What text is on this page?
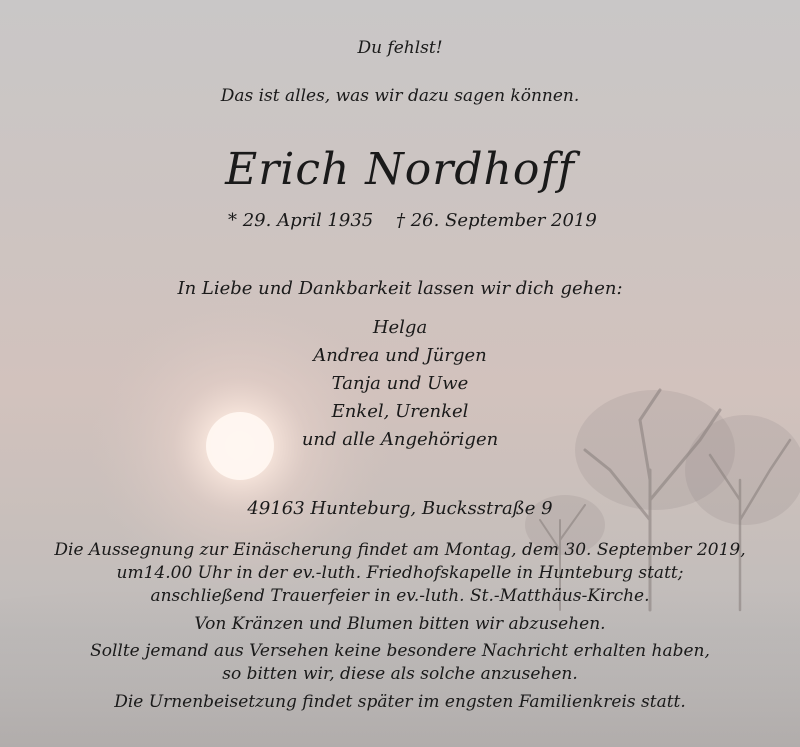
Du fehlst!
Das ist alles, was wir dazu sagen können.
Erich Nordhoff
* 29. April 1935 † 26. September 2019
In Liebe und Dankbarkeit lassen wir dich gehen:
Helga
Andrea und Jürgen
Tanja und Uwe
Enkel, Urenkel
und alle Angehörigen
49163 Hunteburg, Bucksstraße 9
Die Aussegnung zur Einäscherung findet am Montag, dem 30. September 2019,
um14.00 Uhr in der ev.-luth. Friedhofskapelle in Hunteburg statt;
anschließend Trauerfeier in ev.-luth. St.-Matthäus-Kirche.
Von Kränzen und Blumen bitten wir abzusehen.
Sollte jemand aus Versehen keine besondere Nachricht erhalten haben,
so bitten wir, diese als solche anzusehen.
Die Urnenbeisetzung findet später im engsten Familienkreis statt.
